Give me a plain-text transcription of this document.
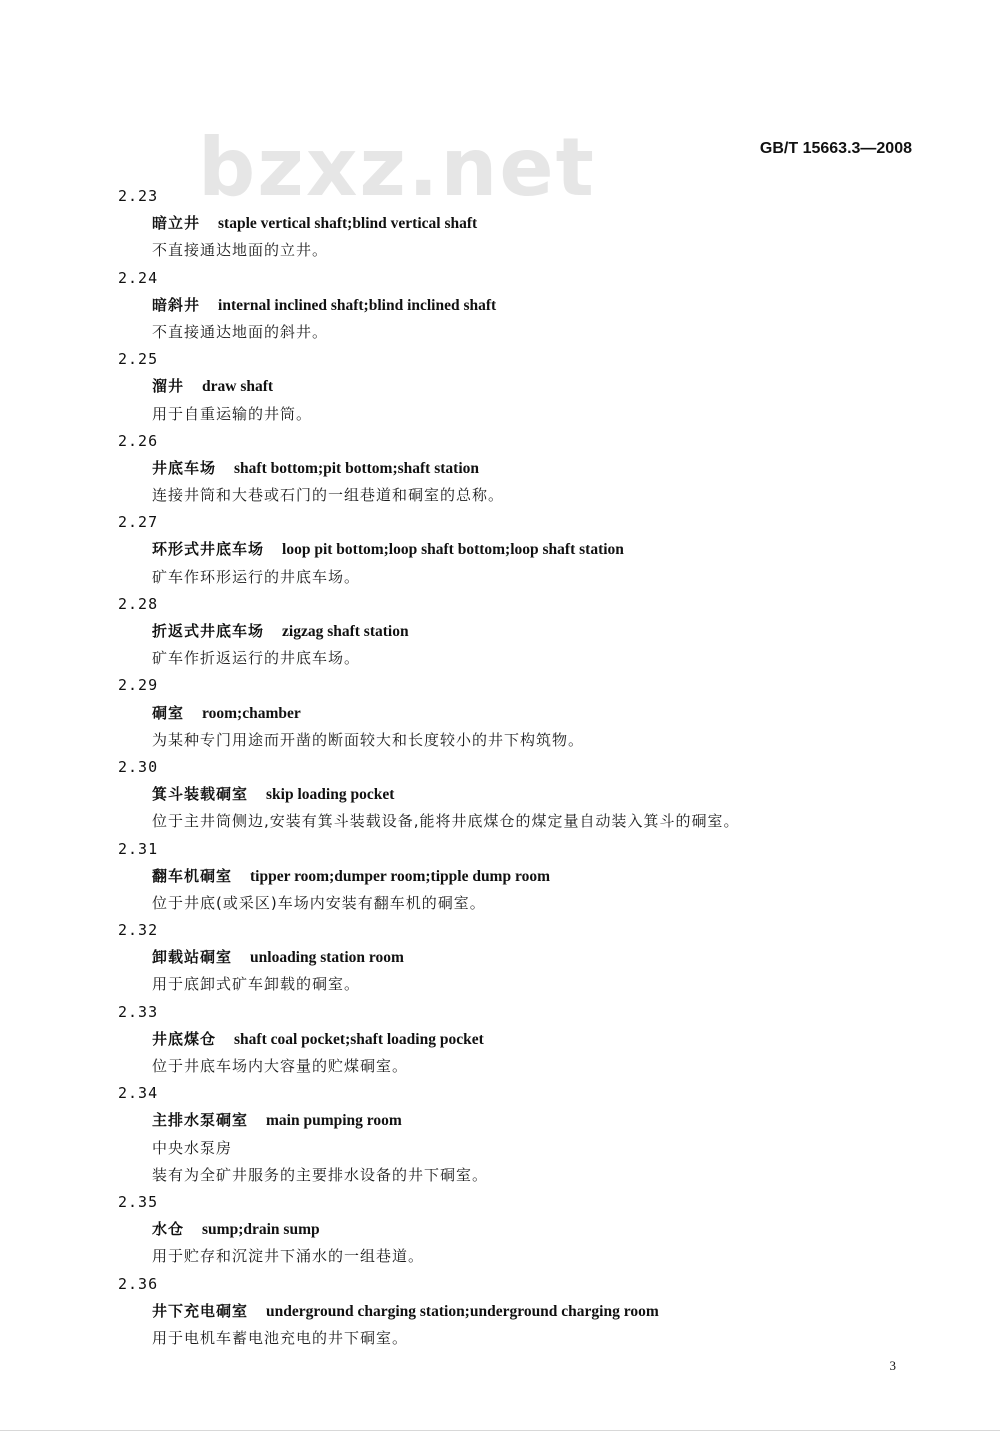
bzxz.net	GB/T 15663.3—2008
2.23
暗立井 staple vertical shaft;blind vertical shaft
不直接通达地面的立井。
2.24
暗斜井 internal inclined shaft;blind inclined shaft
不直接通达地面的斜井。
2.25
溜井 draw shaft
用于自重运输的井筒。
2.26
井底车场 shaft bottom;pit bottom;shaft station
连接井筒和大巷或石门的一组巷道和硐室的总称。
2.27
环形式井底车场 loop pit bottom;loop shaft bottom;loop shaft station
矿车作环形运行的井底车场。
2.28
折返式井底车场 zigzag shaft station
矿车作折返运行的井底车场。
2.29
硐室 room;chamber
为某种专门用途而开凿的断面较大和长度较小的井下构筑物。
2.30
箕斗装载硐室 skip loading pocket
位于主井筒侧边,安装有箕斗装载设备,能将井底煤仓的煤定量自动装入箕斗的硐室。
2.31
翻车机硐室 tipper room;dumper room;tipple dump room
位于井底(或采区)车场内安装有翻车机的硐室。
2.32
卸载站硐室 unloading station room
用于底卸式矿车卸载的硐室。
2.33
井底煤仓 shaft coal pocket;shaft loading pocket
位于井底车场内大容量的贮煤硐室。
2.34
主排水泵硐室 main pumping room
中央水泵房
装有为全矿井服务的主要排水设备的井下硐室。
2.35
水仓 sump;drain sump
用于贮存和沉淀井下涌水的一组巷道。
2.36
井下充电硐室 underground charging station;underground charging room
用于电机车蓄电池充电的井下硐室。
3
